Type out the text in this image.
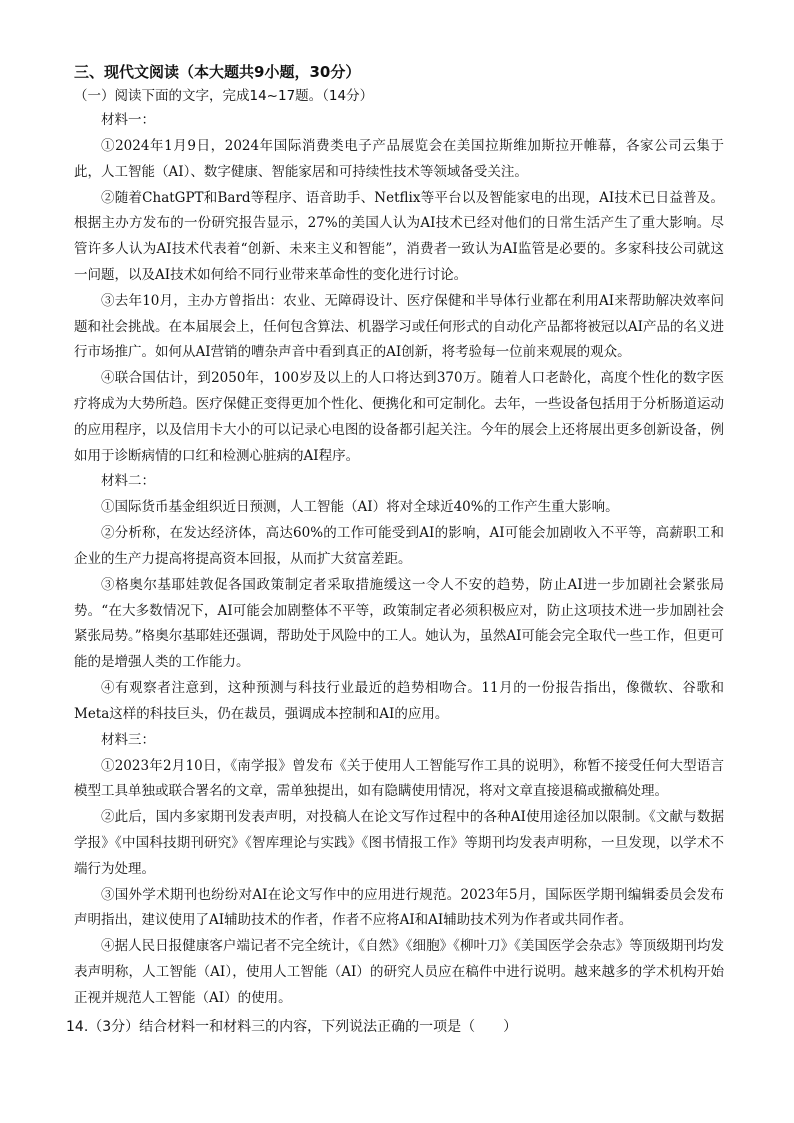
三、现代文阅读（本大题共9小题，30分）
（一）阅读下面的文字，完成14~17题。（14分）
材料一：

①2024年1月9日，2024年国际消费类电子产品展览会在美国拉斯维加斯拉开帷幕，各家公司云集于此，人工智能（AI）、数字健康、智能家居和可持续性技术等领域备受关注。

②随着ChatGPT和Bard等程序、语音助手、Netflix等平台以及智能家电的出现，AI技术已日益普及。根据主办方发布的一份研究报告显示，27%的美国人认为AI技术已经对他们的日常生活产生了重大影响。尽管许多人认为AI技术代表着“创新、未来主义和智能”，消费者一致认为AI监管是必要的。多家科技公司就这一问题，以及AI技术如何给不同行业带来革命性的变化进行讨论。

③去年10月，主办方曾指出：农业、无障碍设计、医疗保健和半导体行业都在利用AI来帮助解决效率问题和社会挑战。在本届展会上，任何包含算法、机器学习或任何形式的自动化产品都将被冠以AI产品的名义进行市场推广。如何从AI营销的嘈杂声音中看到真正的AI创新，将考验每一位前来观展的观众。

④联合国估计，到2050年，100岁及以上的人口将达到370万。随着人口老龄化，高度个性化的数字医疗将成为大势所趋。医疗保健正变得更加个性化、便携化和可定制化。去年，一些设备包括用于分析肠道运动的应用程序，以及信用卡大小的可以记录心电图的设备都引起关注。今年的展会上还将展出更多创新设备，例如用于诊断病情的口红和检测心脏病的AI程序。

材料二：

①国际货币基金组织近日预测，人工智能（AI）将对全球近40%的工作产生重大影响。

②分析称，在发达经济体，高达60%的工作可能受到AI的影响，AI可能会加剧收入不平等，高薪职工和企业的生产力提高将提高资本回报，从而扩大贫富差距。

③格奥尔基耶娃敦促各国政策制定者采取措施缓这一令人不安的趋势，防止AI进一步加剧社会紧张局势。“在大多数情况下，AI可能会加剧整体不平等，政策制定者必须积极应对，防止这项技术进一步加剧社会紧张局势。”格奥尔基耶娃还强调，帮助处于风险中的工人。她认为，虽然AI可能会完全取代一些工作，但更可能的是增强人类的工作能力。

④有观察者注意到，这种预测与科技行业最近的趋势相吻合。11月的一份报告指出，像微软、谷歌和Meta这样的科技巨头，仍在裁员，强调成本控制和AI的应用。

材料三：

①2023年2月10日，《南学报》曾发布《关于使用人工智能写作工具的说明》，称暂不接受任何大型语言模型工具单独或联合署名的文章，需单独提出，如有隐瞒使用情况，将对文章直接退稿或撤稿处理。

②此后，国内多家期刊发表声明，对投稿人在论文写作过程中的各种AI使用途径加以限制。《文献与数据学报》《中国科技期刊研究》《智库理论与实践》《图书情报工作》等期刊均发表声明称，一旦发现，以学术不端行为处理。

③国外学术期刊也纷纷对AI在论文写作中的应用进行规范。2023年5月，国际医学期刊编辑委员会发布声明指出，建议使用了AI辅助技术的作者，作者不应将AI和AI辅助技术列为作者或共同作者。

④据人民日报健康客户端记者不完全统计，《自然》《细胞》《柳叶刀》《美国医学会杂志》等顶级期刊均发表声明称，人工智能（AI），使用人工智能（AI）的研究人员应在稿件中进行说明。越来越多的学术机构开始正视并规范人工智能（AI）的使用。

14.（3分）结合材料一和材料三的内容，下列说法正确的一项是（　　）
